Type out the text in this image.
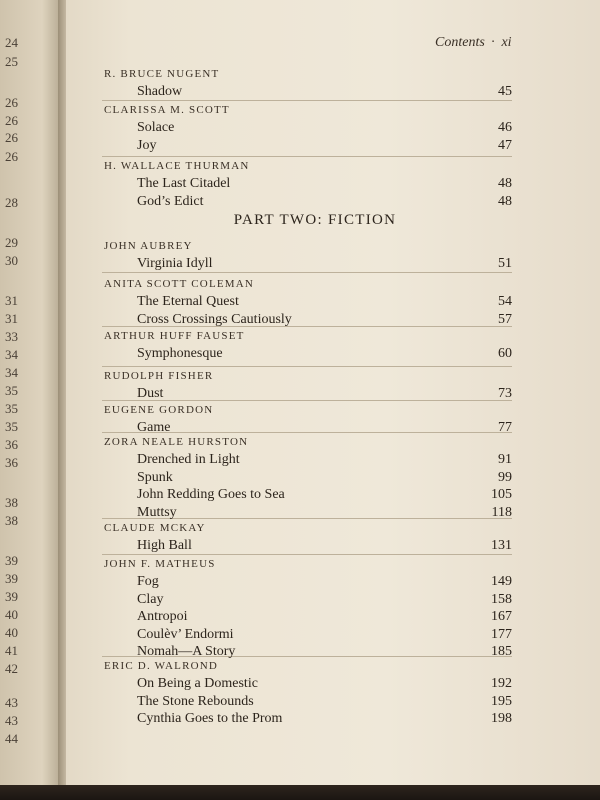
Contents · xi
24
25
26
26
26
26
28
29
30
31
31
33
34
34
35
35
35
36
36
38
38
39
39
39
40
40
41
42
43
43
44
R. BRUCE NUGENT
Shadow	45
CLARISSA M. SCOTT
Solace	46
Joy	47
H. WALLACE THURMAN
The Last Citadel	48
God’s Edict	48
JOHN AUBREY
Virginia Idyll	51
ANITA SCOTT COLEMAN
The Eternal Quest	54
Cross Crossings Cautiously	57
ARTHUR HUFF FAUSET
Symphonesque	60
RUDOLPH FISHER
Dust	73
EUGENE GORDON
Game	77
ZORA NEALE HURSTON
Drenched in Light	91
Spunk	99
John Redding Goes to Sea	105
Muttsy	118
CLAUDE MCKAY
High Ball	131
JOHN F. MATHEUS
Fog	149
Clay	158
Antropoi	167
Coulèv’ Endormi	177
Nomah—A Story	185
ERIC D. WALROND
On Being a Domestic	192
The Stone Rebounds	195
Cynthia Goes to the Prom	198
PART TWO: FICTION
